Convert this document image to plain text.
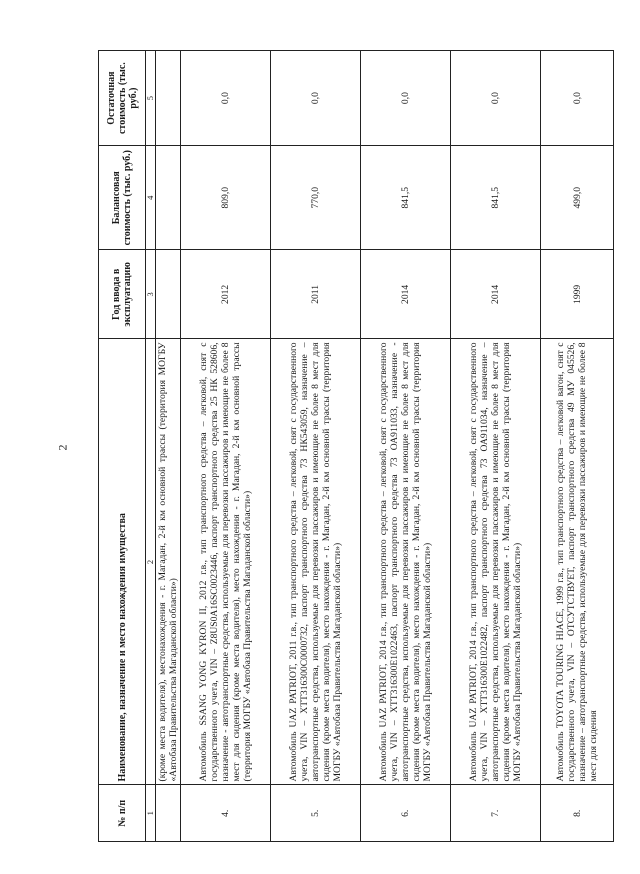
2
№ п/п	Наименование, назначение и место нахождения имущества	Год ввода в эксплуатацию	Балансовая стоимость (тыс. руб.)	Остаточная стоимость (тыс. руб.)
1	2	3	4	5
	(кроме места водителя), местонахождения - г. Магадан, 2-й км основной трассы (территория МОГБУ «Автобаза Правительства Магаданской области»)			
4.	Автомобиль SSANG YONG KYRON II, 2012 г.в., тип транспортного средства – легковой, снят с государственного учета, VIN – Z8US0A16SC0023446, паспорт транспортного средства 25 НК 528606, назначение - автотранспортные средства, используемые для перевозки пассажиров и имеющие не более 8 мест для сидения (кроме места водителя), место нахождения - г. Магадан, 2-й км основной трассы (территория МОГБУ «Автобаза Правительства Магаданской области»)	2012	809,0	0,0
5.	Автомобиль UAZ PATRIOT, 2011 г.в., тип транспортного средства – легковой, снят с государственного учета, VIN – XTT316300C0000732, паспорт транспортного средства 73 НК543059, назначение – автотранспортные средства, используемые для перевозки пассажиров и имеющие не более 8 мест для сидения (кроме места водителя), место нахождения - г. Магадан, 2-й км основной трассы (территория МОГБУ «Автобаза Правительства Магаданской области»)	2011	770,0	0,0
6.	Автомобиль UAZ PATRIOT, 2014 г.в., тип транспортного средства – легковой, снят с государственного учета, VIN – XTT316300E1022463, паспорт транспортного средства 73 ОА911033, назначение - автотранспортные средства, используемые для перевозки пассажиров и имеющие не более 8 мест для сидения (кроме места водителя), место нахождения - г. Магадан, 2-й км основной трассы (территория МОГБУ «Автобаза Правительства Магаданской области»)	2014	841,5	0,0
7.	Автомобиль UAZ PATRIOT, 2014 г.в., тип транспортного средства – легковой, снят с государственного учета, VIN – XTT316300E1022482, паспорт транспортного средства 73 ОА911034, назначение – автотранспортные средства, используемые для перевозки пассажиров и имеющие не более 8 мест для сидения (кроме места водителя), место нахождения - г. Магадан, 2-й км основной трассы (территория МОГБУ «Автобаза Правительства Магаданской области»)	2014	841,5	0,0
8.	Автомобиль TOYOTA TOURING HIACE, 1999 г.в., тип транспортного средства – легковой вагон, снят с государственного учета, VIN – ОТСУТСТВУЕТ, паспорт транспортного средства 49 МУ 045526, назначение – автотранспортные средства, используемые для перевозки пассажиров и имеющие не более 8 мест для сидения	1999	499,0	0,0
